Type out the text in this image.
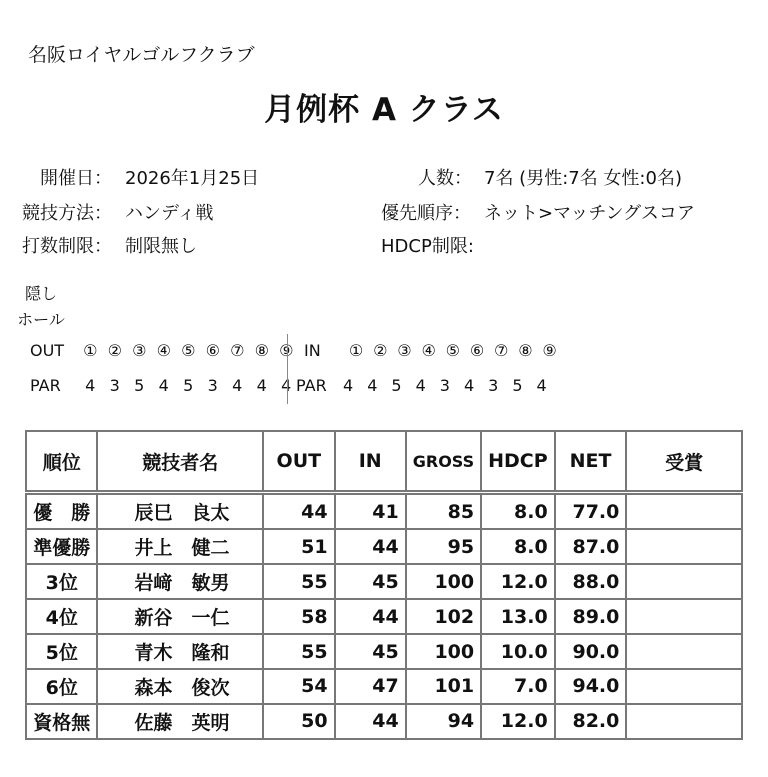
名阪ロイヤルゴルフクラブ
月例杯 A クラス
開催日： 2026年1月25日
競技方法： ハンディ戦
打数制限： 制限無し
人数： 7名 (男性:7名 女性:0名)
優先順序： ネット>マッチングスコア
HDCP制限:
隠し
ホール
OUT ① ② ③ ④ ⑤ ⑥ ⑦ ⑧ ⑨
PAR 4 3 5 4 5 3 4 4 4
IN ① ② ③ ④ ⑤ ⑥ ⑦ ⑧ ⑨
PAR 4 4 5 4 3 4 3 5 4
順位	競技者名	OUT	IN	GROSS	HDCP	NET	受賞
優　勝	辰巳　良太	44	41	85	8.0	77.0	
準優勝	井上　健二	51	44	95	8.0	87.0	
3位	岩﨑　敏男	55	45	100	12.0	88.0	
4位	新谷　一仁	58	44	102	13.0	89.0	
5位	青木　隆和	55	45	100	10.0	90.0	
6位	森本　俊次	54	47	101	7.0	94.0	
資格無	佐藤　英明	50	44	94	12.0	82.0	
